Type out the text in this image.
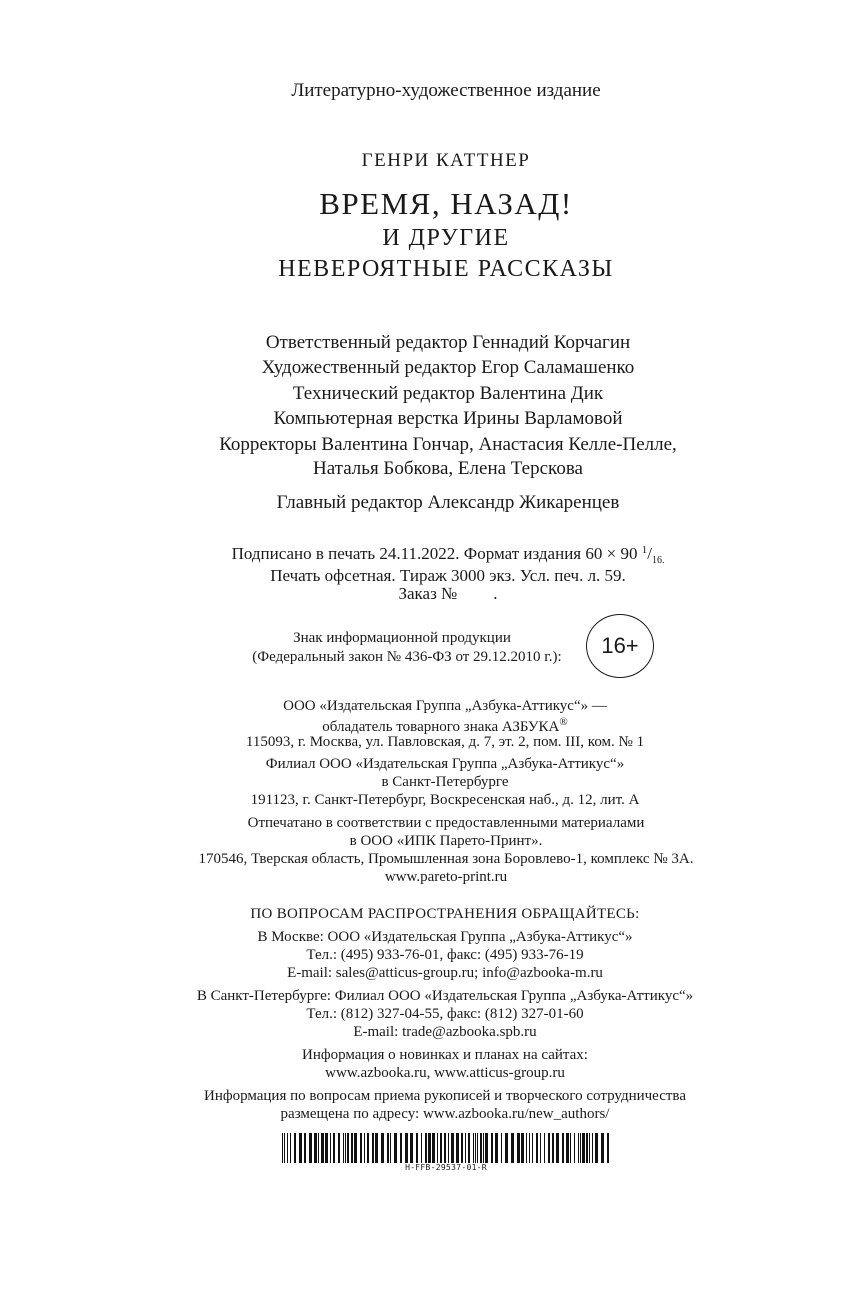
Литературно-художественное издание
ГЕНРИ КАТТНЕР
ВРЕМЯ, НАЗАД!
И ДРУГИЕ
НЕВЕРОЯТНЫЕ РАССКАЗЫ
Ответственный редактор Геннадий Корчагин
Художественный редактор Егор Саламашенко
Технический редактор Валентина Дик
Компьютерная верстка Ирины Варламовой
Корректоры Валентина Гончар, Анастасия Келле-Пелле,
Наталья Бобкова, Елена Терскова
Главный редактор Александр Жикаренцев
Подписано в печать 24.11.2022. Формат издания 60 × 90 $^1/_{16.}$
Печать офсетная. Тираж 3000 экз. Усл. печ. л. 59.
Заказ № .
Знак информационной продукции
(Федеральный закон № 436-ФЗ от 29.12.2010 г.):	16+
ООО «Издательская Группа „Азбука-Аттикус“» —
обладатель товарного знака АЗБУКА®
115093, г. Москва, ул. Павловская, д. 7, эт. 2, пом. III, ком. № 1
Филиал ООО «Издательская Группа „Азбука-Аттикус“»
в Санкт-Петербурге
191123, г. Санкт-Петербург, Воскресенская наб., д. 12, лит. А
Отпечатано в соответствии с предоставленными материалами
в ООО «ИПК Парето-Принт».
170546, Тверская область, Промышленная зона Боровлево-1, комплекс № 3А.
www.pareto-print.ru
ПО ВОПРОСАМ РАСПРОСТРАНЕНИЯ ОБРАЩАЙТЕСЬ:
В Москве: ООО «Издательская Группа „Азбука-Аттикус“»
Тел.: (495) 933-76-01, факс: (495) 933-76-19
E-mail: sales@atticus-group.ru; info@azbooka-m.ru
В Санкт-Петербурге: Филиал ООО «Издательская Группа „Азбука-Аттикус“»
Тел.: (812) 327-04-55, факс: (812) 327-01-60
E-mail: trade@azbooka.spb.ru
Информация о новинках и планах на сайтах:
www.azbooka.ru, www.atticus-group.ru
Информация по вопросам приема рукописей и творческого сотрудничества
размещена по адресу: www.azbooka.ru/new_authors/
H-FFB-29537-01-R
